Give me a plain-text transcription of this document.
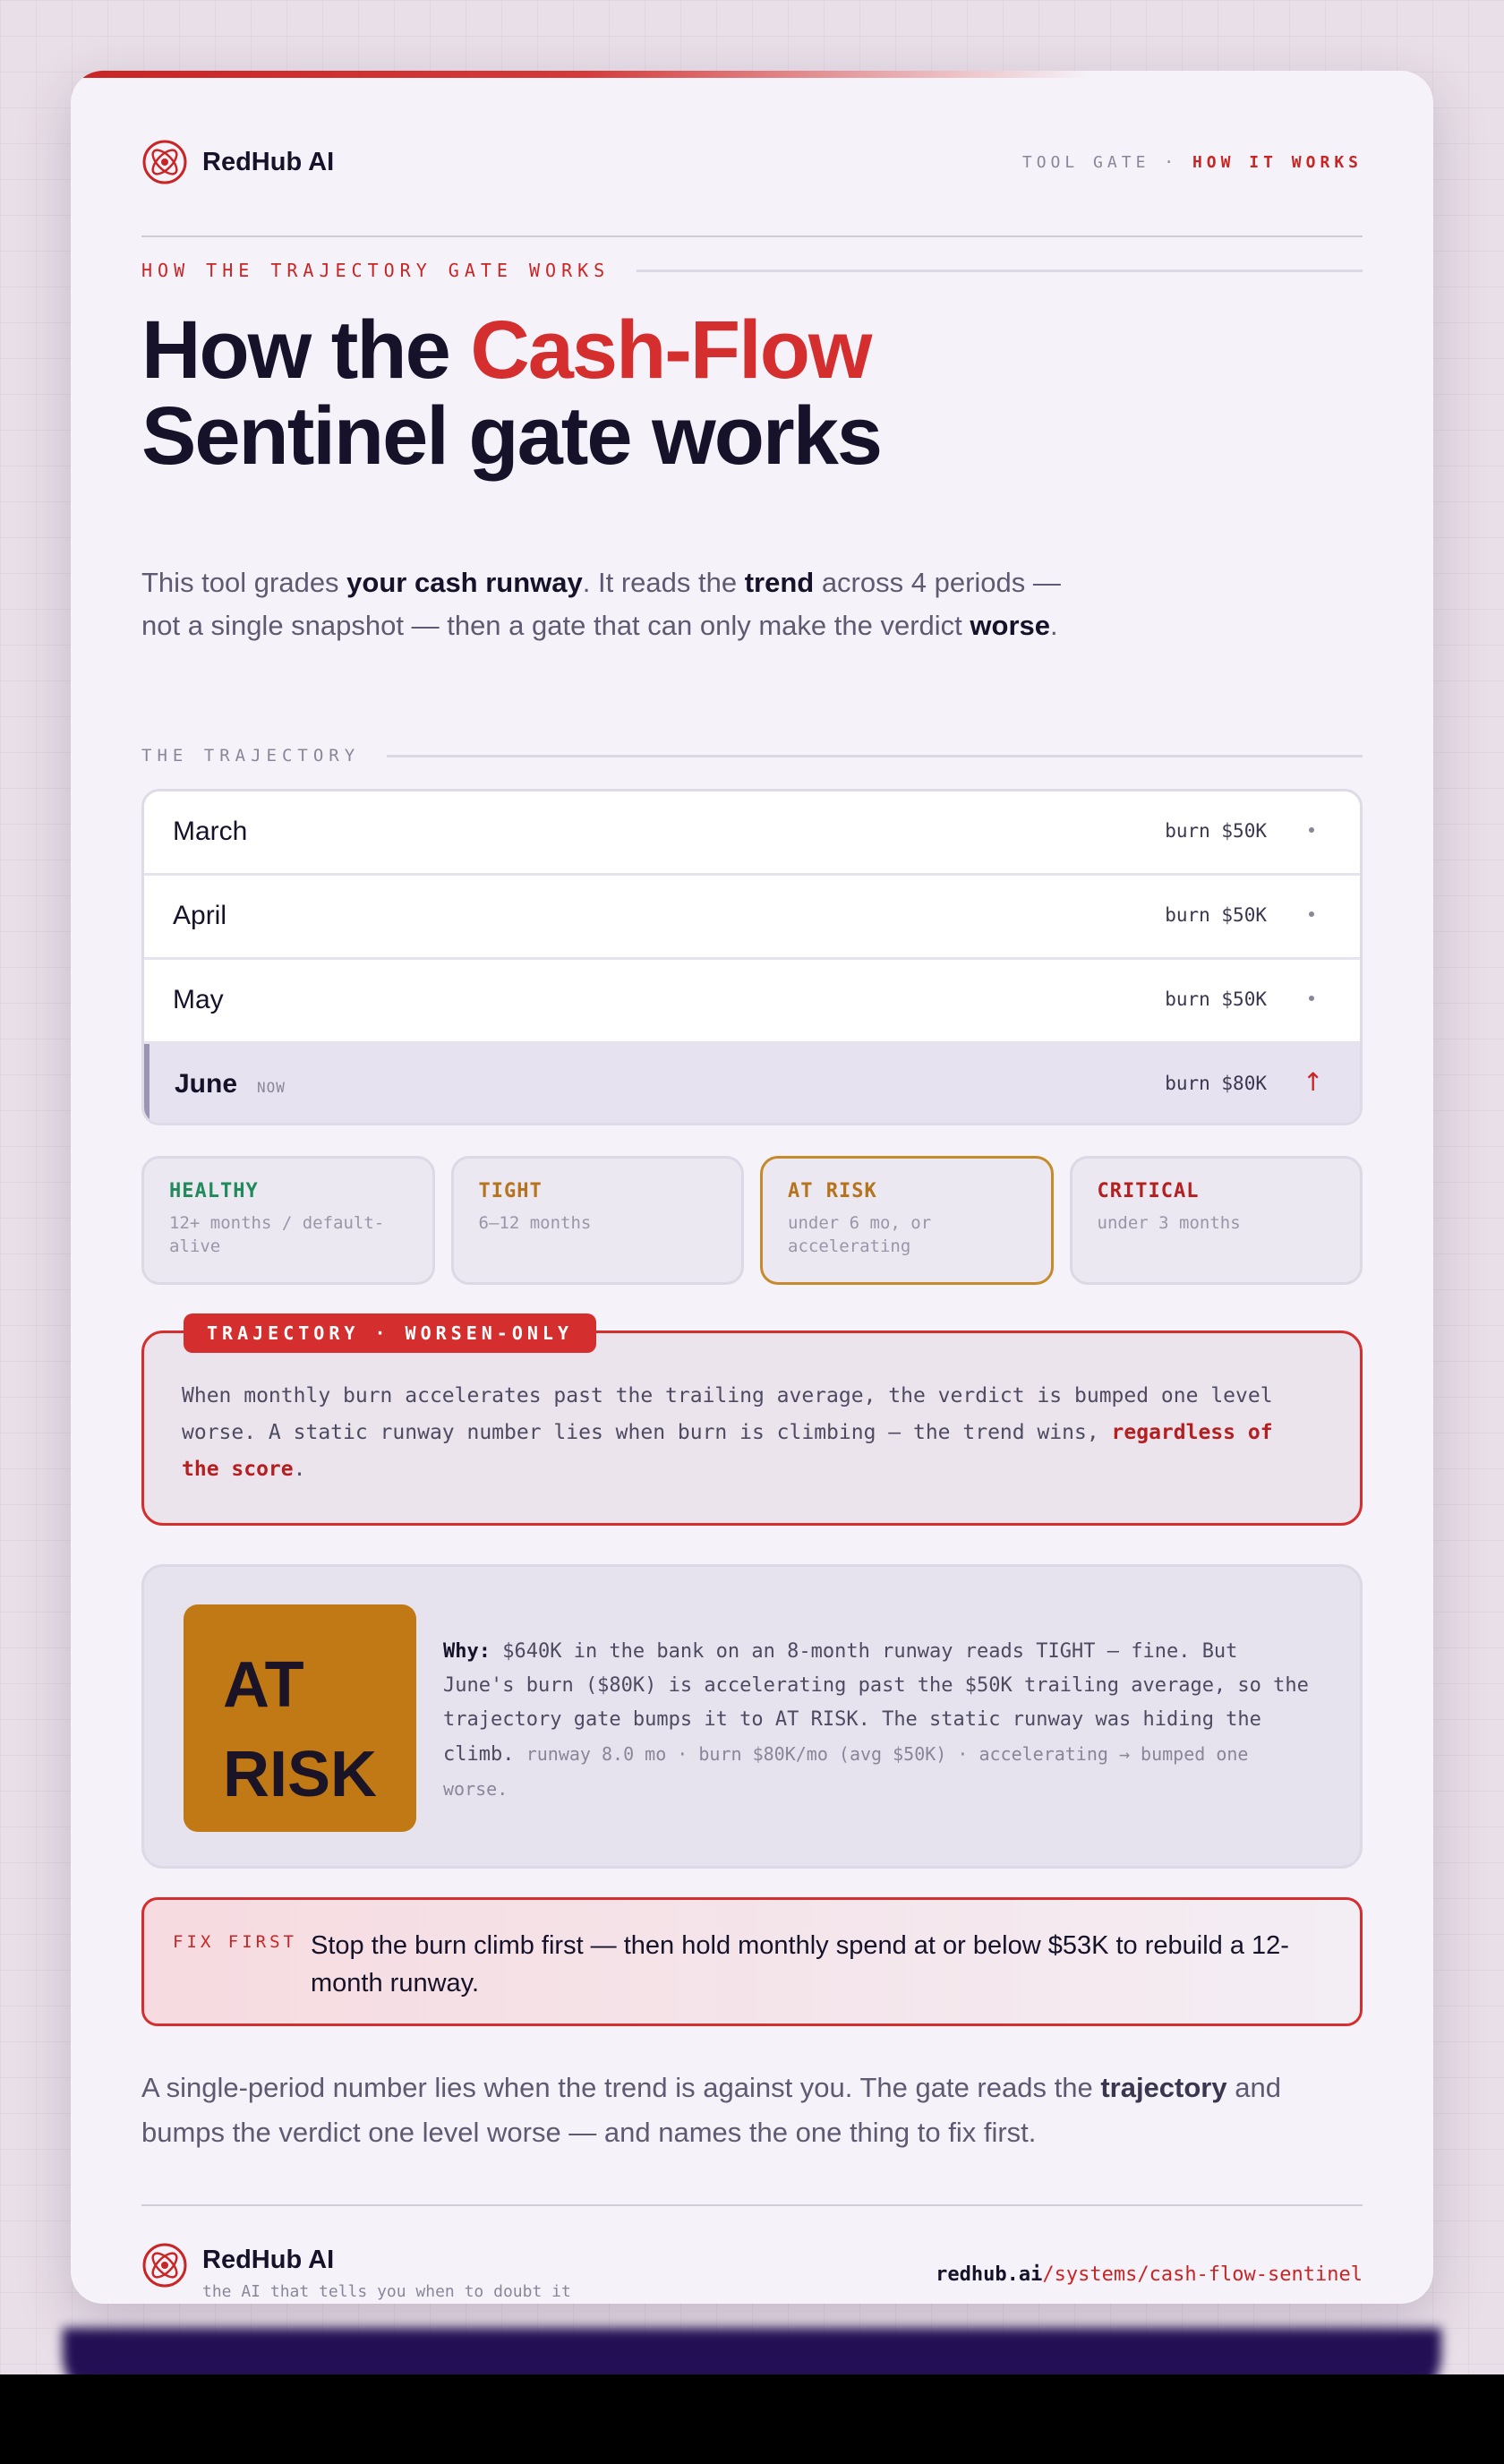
RedHub AI	TOOL GATE · HOW IT WORKS
HOW THE TRAJECTORY GATE WORKS
How the Cash-Flow
Sentinel gate works

This tool grades your cash runway. It reads the trend across 4 periods — not a single snapshot — then a gate that can only make the verdict worse.

THE TRAJECTORY
March	burn $50K
April	burn $50K
May	burn $50K
June NOW	burn $80K ↑
HEALTHY
12+ months / default-alive
TIGHT
6–12 months
AT RISK
under 6 mo, or accelerating
CRITICAL
under 3 months
TRAJECTORY · WORSEN-ONLY

When monthly burn accelerates past the trailing average, the verdict is bumped one level worse. A static runway number lies when burn is climbing — the trend wins, regardless of the score.

AT
RISK

Why: $640K in the bank on an 8-month runway reads TIGHT — fine. But June's burn ($80K) is accelerating past the $50K trailing average, so the trajectory gate bumps it to AT RISK. The static runway was hiding the climb. runway 8.0 mo · burn $80K/mo (avg $50K) · accelerating → bumped one worse.

FIX FIRST Stop the burn climb first — then hold monthly spend at or below $53K to rebuild a 12-month runway.

A single-period number lies when the trend is against you. The gate reads the trajectory and bumps the verdict one level worse — and names the one thing to fix first.

RedHub AI
the AI that tells you when to doubt it
redhub.ai/systems/cash-flow-sentinel
